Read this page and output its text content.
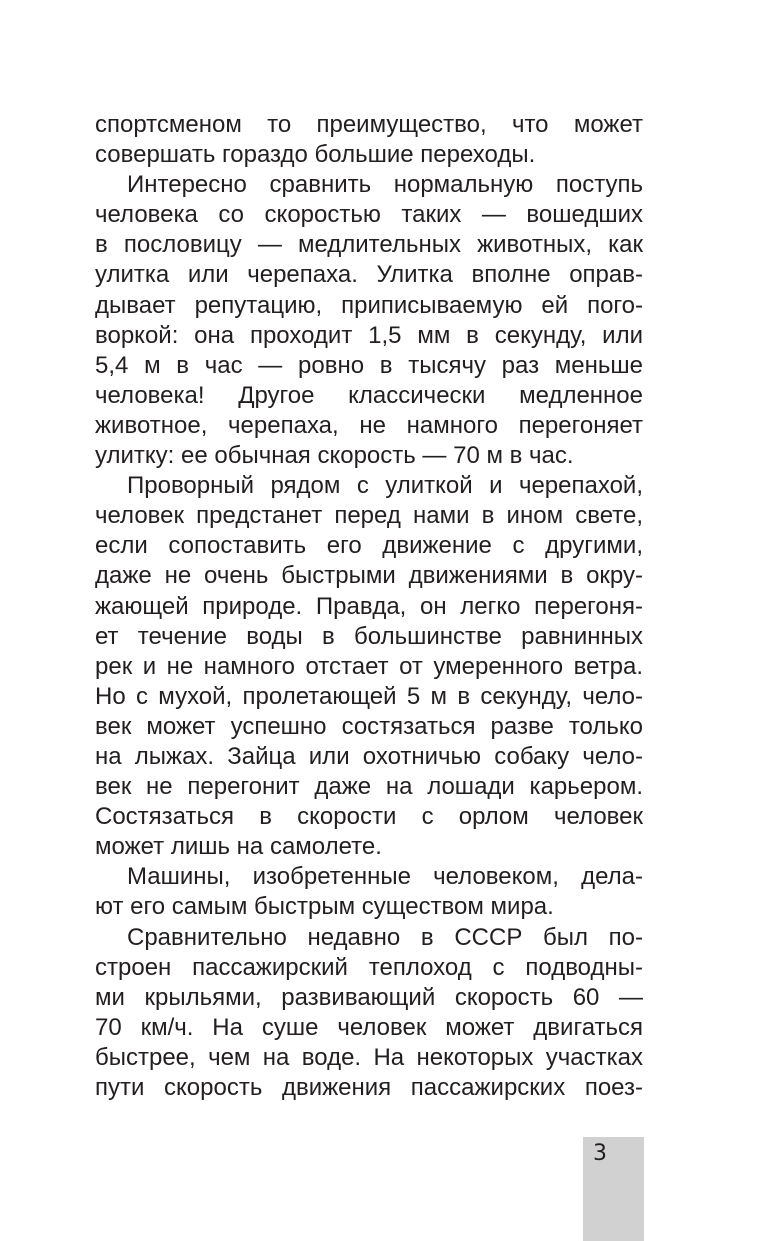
спортсменом то преимущество, что может
совершать гораздо большие переходы.
Интересно сравнить нормальную поступь
человека со скоростью таких — вошедших
в пословицу — медлительных животных, как
улитка или черепаха. Улитка вполне оправ-
дывает репутацию, приписываемую ей пого-
воркой: она проходит 1,5 мм в секунду, или
5,4 м в час — ровно в тысячу раз меньше
человека! Другое классически медленное
животное, черепаха, не намного перегоняет
улитку: ее обычная скорость — 70 м в час.
Проворный рядом с улиткой и черепахой,
человек предстанет перед нами в ином свете,
если сопоставить его движение с другими,
даже не очень быстрыми движениями в окру-
жающей природе. Правда, он легко перегоня-
ет течение воды в большинстве равнинных
рек и не намного отстает от умеренного ветра.
Но с мухой, пролетающей 5 м в секунду, чело-
век может успешно состязаться разве только
на лыжах. Зайца или охотничью собаку чело-
век не перегонит даже на лошади карьером.
Состязаться в скорости с орлом человек
может лишь на самолете.
Машины, изобретенные человеком, дела-
ют его самым быстрым существом мира.
Сравнительно недавно в СССР был по-
строен пассажирский теплоход с подводны-
ми крыльями, развивающий скорость 60 —
70 км/ч. На суше человек может двигаться
быстрее, чем на воде. На некоторых участках
пути скорость движения пассажирских поез-
3
